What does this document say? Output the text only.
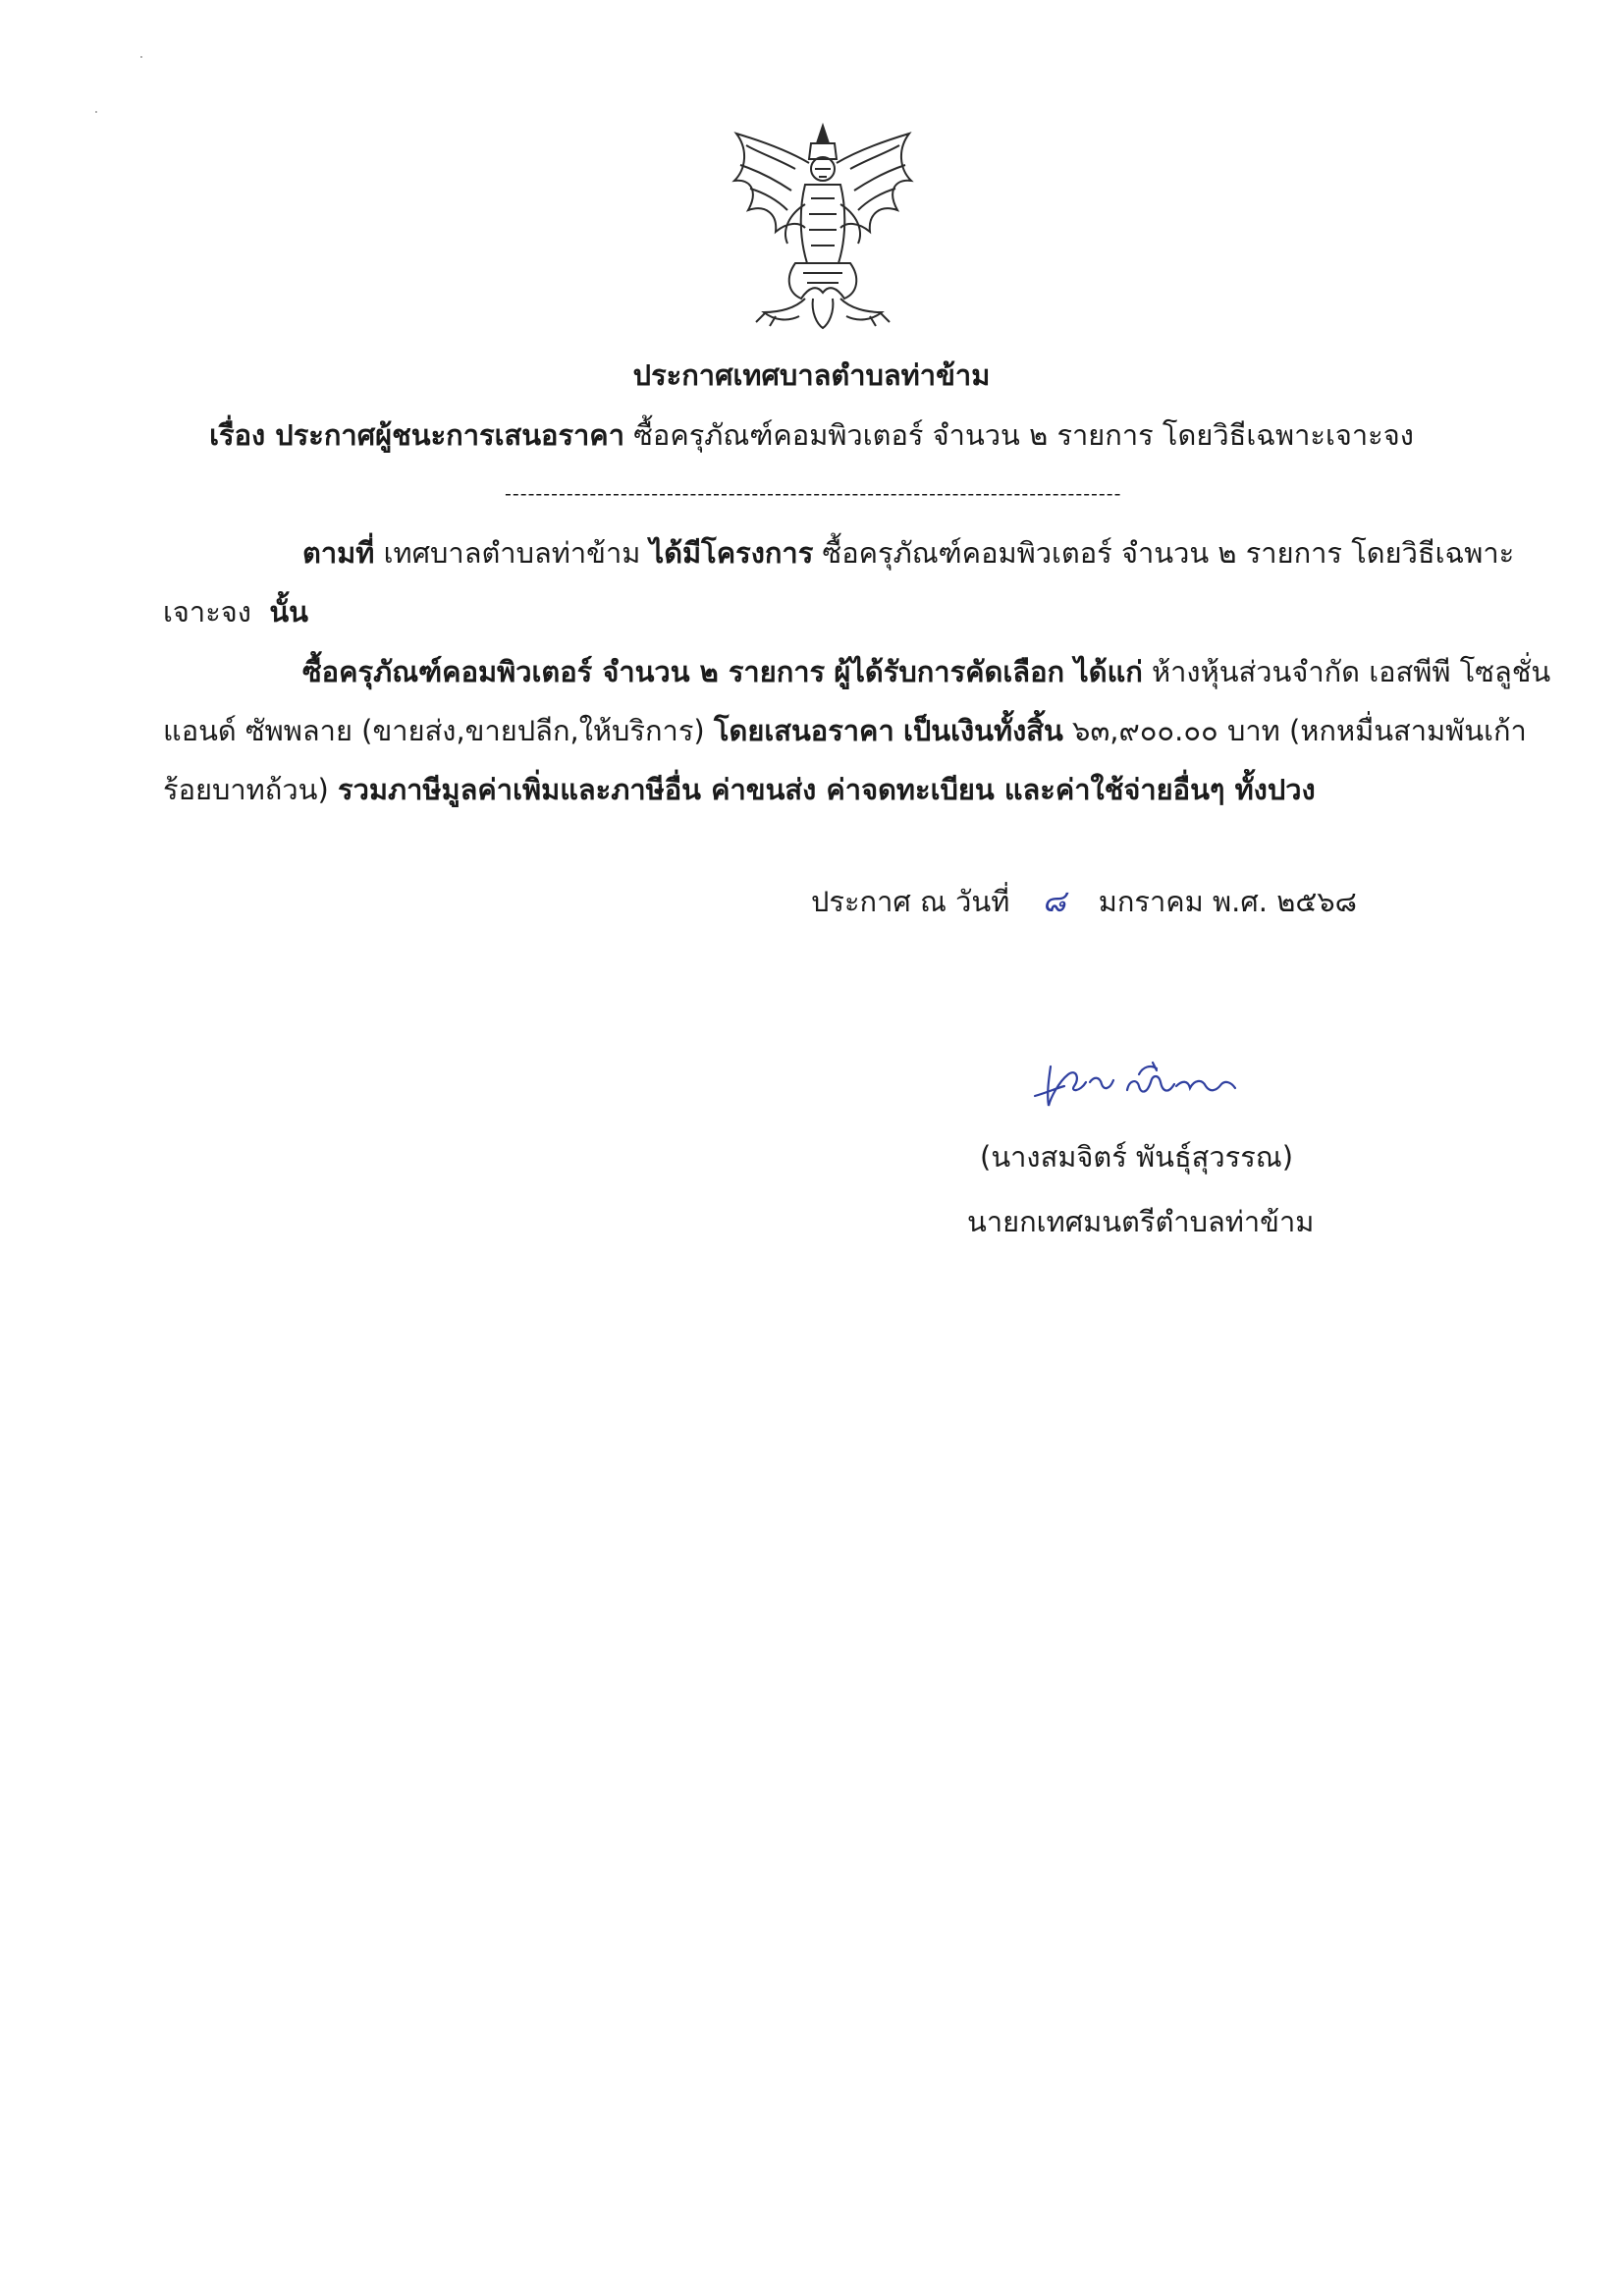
ประกาศเทศบาลตำบลท่าข้าม
เรื่อง ประกาศผู้ชนะการเสนอราคา ซื้อครุภัณฑ์คอมพิวเตอร์ จำนวน ๒ รายการ โดยวิธีเฉพาะเจาะจง
--------------------------------------------------------------------------------
ตามที่ เทศบาลตำบลท่าข้าม ได้มีโครงการ ซื้อครุภัณฑ์คอมพิวเตอร์ จำนวน ๒ รายการ โดยวิธีเฉพาะ
เจาะจง นั้น
ซื้อครุภัณฑ์คอมพิวเตอร์ จำนวน ๒ รายการ ผู้ได้รับการคัดเลือก ได้แก่ ห้างหุ้นส่วนจำกัด เอสพีพี โซลูชั่น
แอนด์ ซัพพลาย (ขายส่ง,ขายปลีก,ให้บริการ) โดยเสนอราคา เป็นเงินทั้งสิ้น ๖๓,๙๐๐.๐๐ บาท (หกหมื่นสามพันเก้า
ร้อยบาทถ้วน) รวมภาษีมูลค่าเพิ่มและภาษีอื่น ค่าขนส่ง ค่าจดทะเบียน และค่าใช้จ่ายอื่นๆ ทั้งปวง
ประกาศ ณ วันที่ ๘ มกราคม พ.ศ. ๒๕๖๘
(นางสมจิตร์ พันธุ์สุวรรณ)
นายกเทศมนตรีตำบลท่าข้าม
